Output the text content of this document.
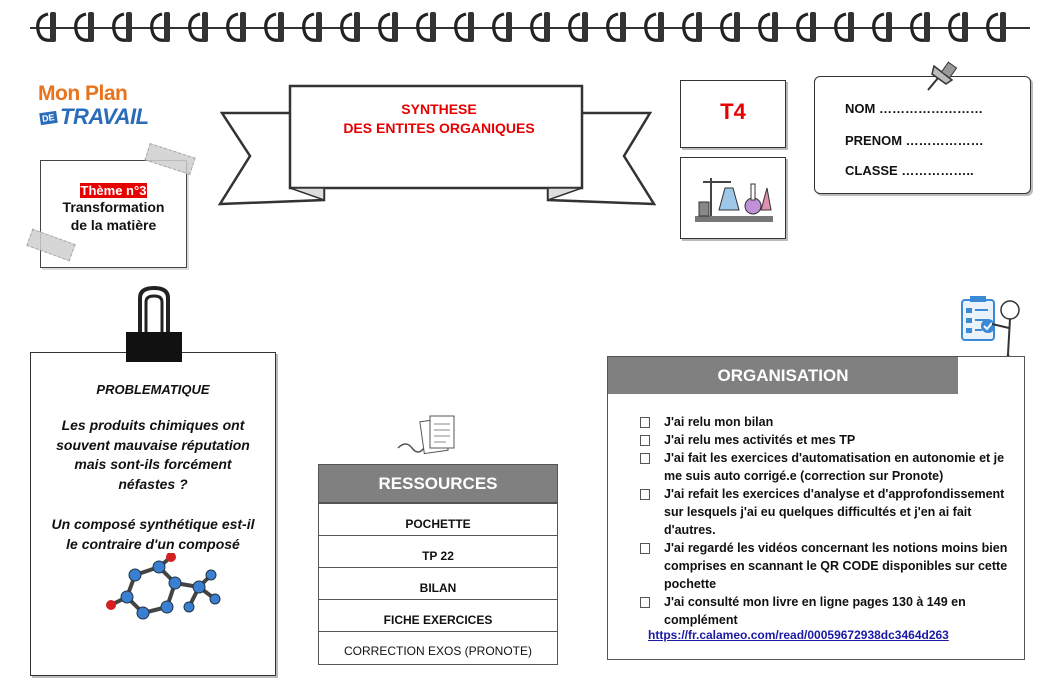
Mon Plan
DE TRAVAIL
Thème n°3
Transformation
de la matière
SYNTHESE
DES ENTITES ORGANIQUES
T4	NOM ……………………
PRENOM ………………
CLASSE ……………..
PROBLEMATIQUE
Les produits chimiques ont souvent mauvaise réputation mais sont-ils forcément néfastes ?
Un composé synthétique est-il le contraire d'un composé
RESSOURCES
POCHETTE
TP 22
BILAN
FICHE EXERCICES
CORRECTION EXOS (PRONOTE)
ORGANISATION
J'ai relu mon bilan
J'ai relu mes activités et mes TP
J'ai fait les exercices d'automatisation en autonomie et je me suis auto corrigé.e (correction sur Pronote)
J'ai refait les exercices d'analyse et d'approfondissement sur lesquels j'ai eu quelques difficultés et j'en ai fait d'autres.
J'ai regardé les vidéos concernant les notions moins bien comprises en scannant le QR CODE disponibles sur cette pochette
J'ai consulté mon livre en ligne pages 130 à 149 en complément
https://fr.calameo.com/read/00059672938dc3464d263
